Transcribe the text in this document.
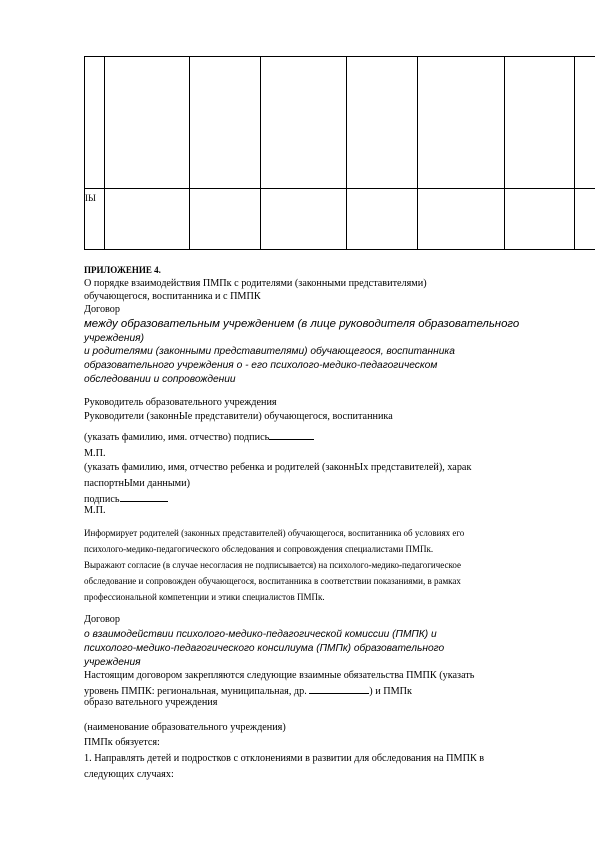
ІЫ							
ПРИЛОЖЕНИЕ 4.
О порядке взаимодействия ПМПк с родителями (законными представителями)
обучающегося, воспитанника и с ПМПК
Договор
между образовательным учреждением (в лице руководителя образовательного
учреждения)
и родителями (законными представителями) обучающегося, воспитанника
образовательного учреждения о - его психолого-медико-педагогическом
обследовании и сопровождении
Руководитель образовательного учреждения
Руководители (законнЫе представители) обучающегося, воспитанника
(указать фамилию, имя. отчество) подпись
М.П.
(указать фамилию, имя, отчество ребенка и родителей (законнЫх представителей), харак
паспортнЫми данными)
подпись
М.П.
Информирует родителей (законных представителей) обучающегося, воспитанника об условиях его
психолого-медико-педагогического обследования и сопровождения специалистами ПМПк.
Выражают согласие (в случае несогласия не подписывается) на психолого-медико-педагогическое
обследование и сопровожден обучающегося, воспитанника в соответствии показаниями, в рамках
профессиональной компетенции и этики специалистов ПМПк.
Договор
о взаимодействии психолого-медико-педагогической комиссии (ПМПК) и
психолого-медико-педагогического консилиума (ПМПк) образовательного
учреждения
Настоящим договором закрепляются следующие взаимные обязательства ПМПК (указать
уровень ПМПК: региональная, муниципальная, др.	) и ПМПк
образо вательного учреждения
(наименование образовательного учреждения)
ПМПк обязуется:
1. Направлять детей и подростков с отклонениями в развитии для обследования на ПМПК в
следующих случаях:
